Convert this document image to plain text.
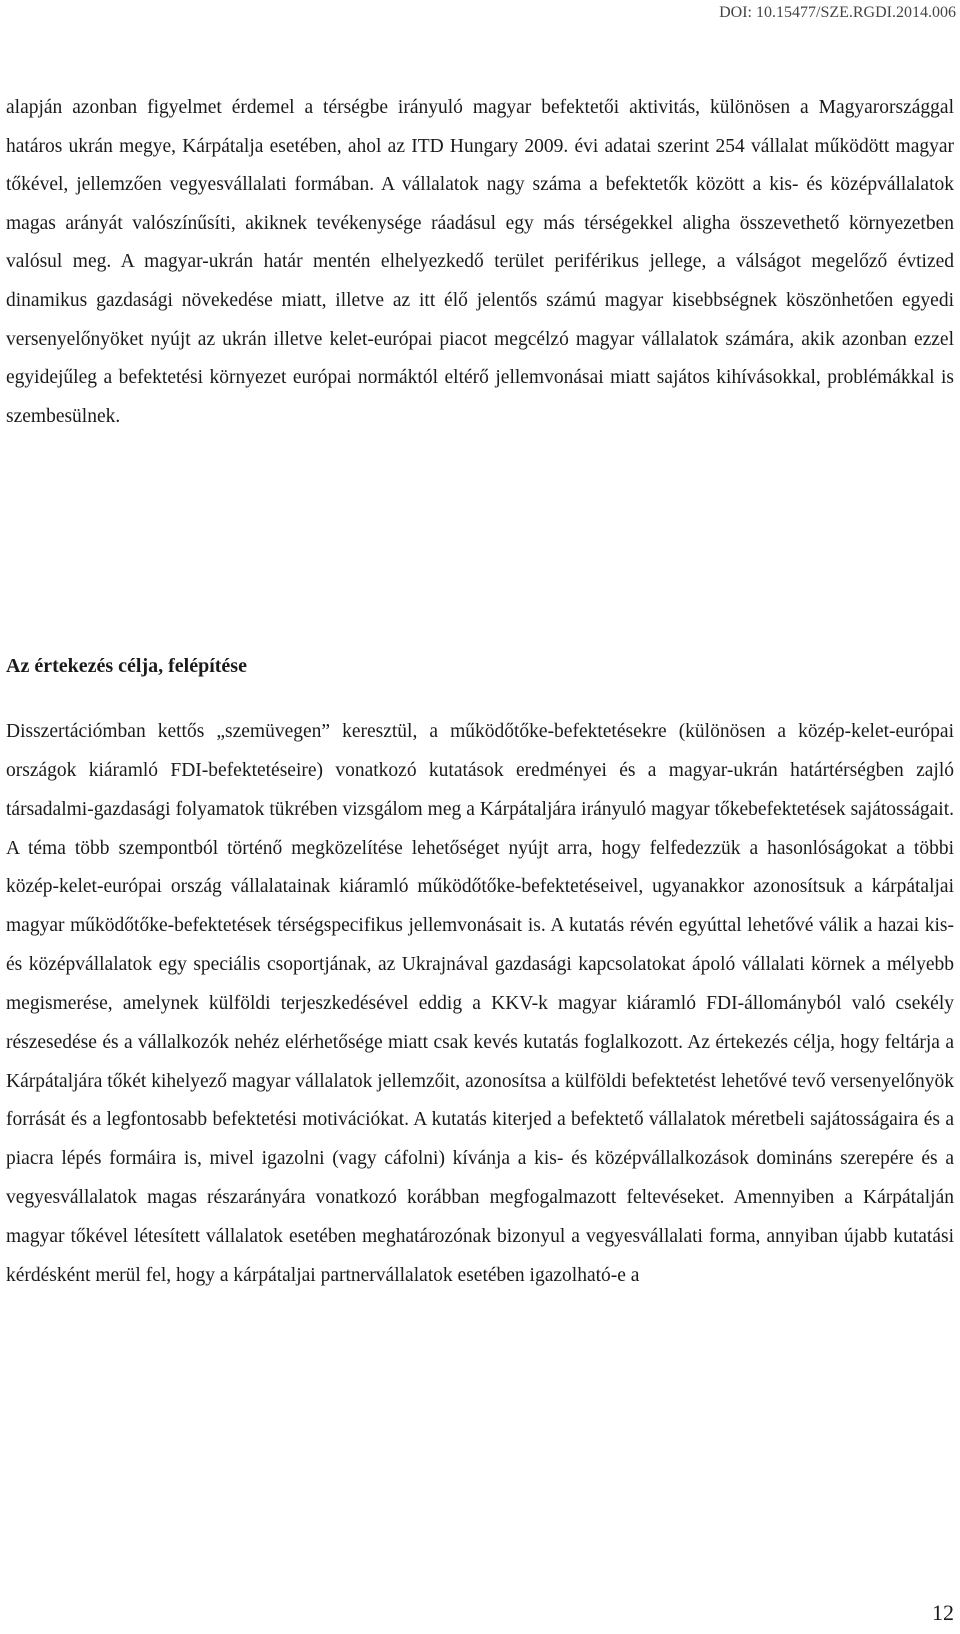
DOI: 10.15477/SZE.RGDI.2014.006

alapján azonban figyelmet érdemel a térségbe irányuló magyar befektetői aktivitás, különösen a Magyarországgal határos ukrán megye, Kárpátalja esetében, ahol az ITD Hungary 2009. évi adatai szerint 254 vállalat működött magyar tőkével, jellemzően vegyesvállalati formában. A vállalatok nagy száma a befektetők között a kis- és középvállalatok magas arányát valószínűsíti, akiknek tevékenysége ráadásul egy más térségekkel aligha összevethető környezetben valósul meg. A magyar-ukrán határ mentén elhelyezkedő terület periférikus jellege, a válságot megelőző évtized dinamikus gazdasági növekedése miatt, illetve az itt élő jelentős számú magyar kisebbségnek köszönhetően egyedi versenyelőnyöket nyújt az ukrán illetve kelet-európai piacot megcélzó magyar vállalatok számára, akik azonban ezzel egyidejűleg a befektetési környezet európai normáktól eltérő jellemvonásai miatt sajátos kihívásokkal, problémákkal is szembesülnek.

Az értekezés célja, felépítése

Disszertációmban kettős „szemüvegen” keresztül, a működőtőke-befektetésekre (különösen a közép-kelet-európai országok kiáramló FDI-befektetéseire) vonatkozó kutatások eredményei és a magyar-ukrán határtérségben zajló társadalmi-gazdasági folyamatok tükrében vizsgálom meg a Kárpátaljára irányuló magyar tőkebefektetések sajátosságait. A téma több szempontból történő megközelítése lehetőséget nyújt arra, hogy felfedezzük a hasonlóságokat a többi közép-kelet-európai ország vállalatainak kiáramló működőtőke-befektetéseivel, ugyanakkor azonosítsuk a kárpátaljai magyar működőtőke-befektetések térségspecifikus jellemvonásait is. A kutatás révén egyúttal lehetővé válik a hazai kis- és középvállalatok egy speciális csoportjának, az Ukrajnával gazdasági kapcsolatokat ápoló vállalati körnek a mélyebb megismerése, amelynek külföldi terjeszkedésével eddig a KKV-k magyar kiáramló FDI-állományból való csekély részesedése és a vállalkozók nehéz elérhetősége miatt csak kevés kutatás foglalkozott. Az értekezés célja, hogy feltárja a Kárpátaljára tőkét kihelyező magyar vállalatok jellemzőit, azonosítsa a külföldi befektetést lehetővé tevő versenyelőnyök forrását és a legfontosabb befektetési motivációkat. A kutatás kiterjed a befektető vállalatok méretbeli sajátosságaira és a piacra lépés formáira is, mivel igazolni (vagy cáfolni) kívánja a kis- és középvállalkozások domináns szerepére és a vegyesvállalatok magas részarányára vonatkozó korábban megfogalmazott feltevéseket. Amennyiben a Kárpátalján magyar tőkével létesített vállalatok esetében meghatározónak bizonyul a vegyesvállalati forma, annyiban újabb kutatási kérdésként merül fel, hogy a kárpátaljai partnervállalatok esetében igazolható-e a

12
